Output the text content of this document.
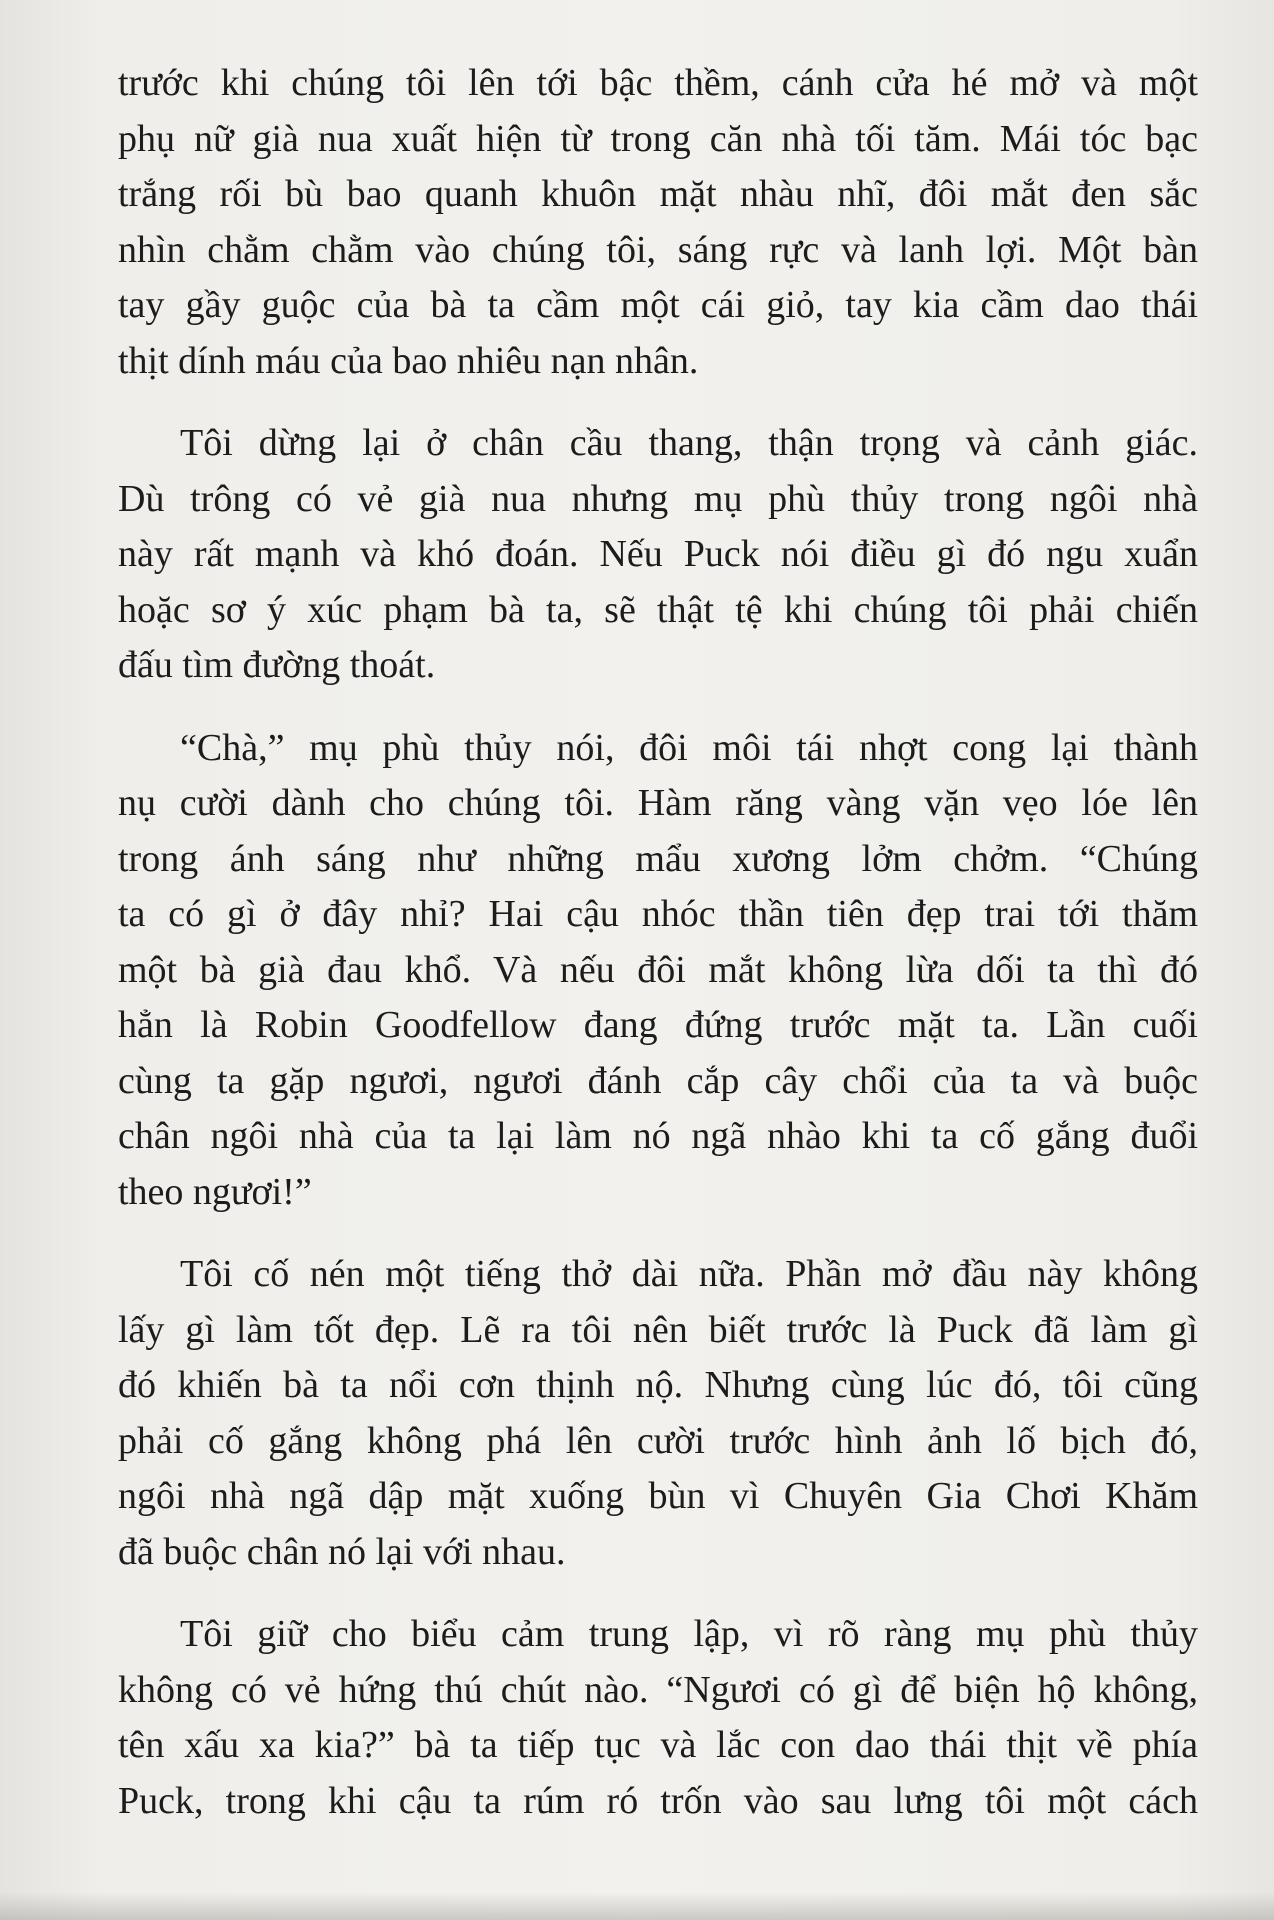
trước khi chúng tôi lên tới bậc thềm, cánh cửa hé mở và một
phụ nữ già nua xuất hiện từ trong căn nhà tối tăm. Mái tóc bạc
trắng rối bù bao quanh khuôn mặt nhàu nhĩ, đôi mắt đen sắc
nhìn chằm chằm vào chúng tôi, sáng rực và lanh lợi. Một bàn
tay gầy guộc của bà ta cầm một cái giỏ, tay kia cầm dao thái
thịt dính máu của bao nhiêu nạn nhân.

Tôi dừng lại ở chân cầu thang, thận trọng và cảnh giác.
Dù trông có vẻ già nua nhưng mụ phù thủy trong ngôi nhà
này rất mạnh và khó đoán. Nếu Puck nói điều gì đó ngu xuẩn
hoặc sơ ý xúc phạm bà ta, sẽ thật tệ khi chúng tôi phải chiến
đấu tìm đường thoát.

“Chà,” mụ phù thủy nói, đôi môi tái nhợt cong lại thành
nụ cười dành cho chúng tôi. Hàm răng vàng vặn vẹo lóe lên
trong ánh sáng như những mẩu xương lởm chởm. “Chúng
ta có gì ở đây nhỉ? Hai cậu nhóc thần tiên đẹp trai tới thăm
một bà già đau khổ. Và nếu đôi mắt không lừa dối ta thì đó
hẳn là Robin Goodfellow đang đứng trước mặt ta. Lần cuối
cùng ta gặp ngươi, ngươi đánh cắp cây chổi của ta và buộc
chân ngôi nhà của ta lại làm nó ngã nhào khi ta cố gắng đuổi
theo ngươi!”

Tôi cố nén một tiếng thở dài nữa. Phần mở đầu này không
lấy gì làm tốt đẹp. Lẽ ra tôi nên biết trước là Puck đã làm gì
đó khiến bà ta nổi cơn thịnh nộ. Nhưng cùng lúc đó, tôi cũng
phải cố gắng không phá lên cười trước hình ảnh lố bịch đó,
ngôi nhà ngã dập mặt xuống bùn vì Chuyên Gia Chơi Khăm
đã buộc chân nó lại với nhau.

Tôi giữ cho biểu cảm trung lập, vì rõ ràng mụ phù thủy
không có vẻ hứng thú chút nào. “Ngươi có gì để biện hộ không,
tên xấu xa kia?” bà ta tiếp tục và lắc con dao thái thịt về phía
Puck, trong khi cậu ta rúm ró trốn vào sau lưng tôi một cách
